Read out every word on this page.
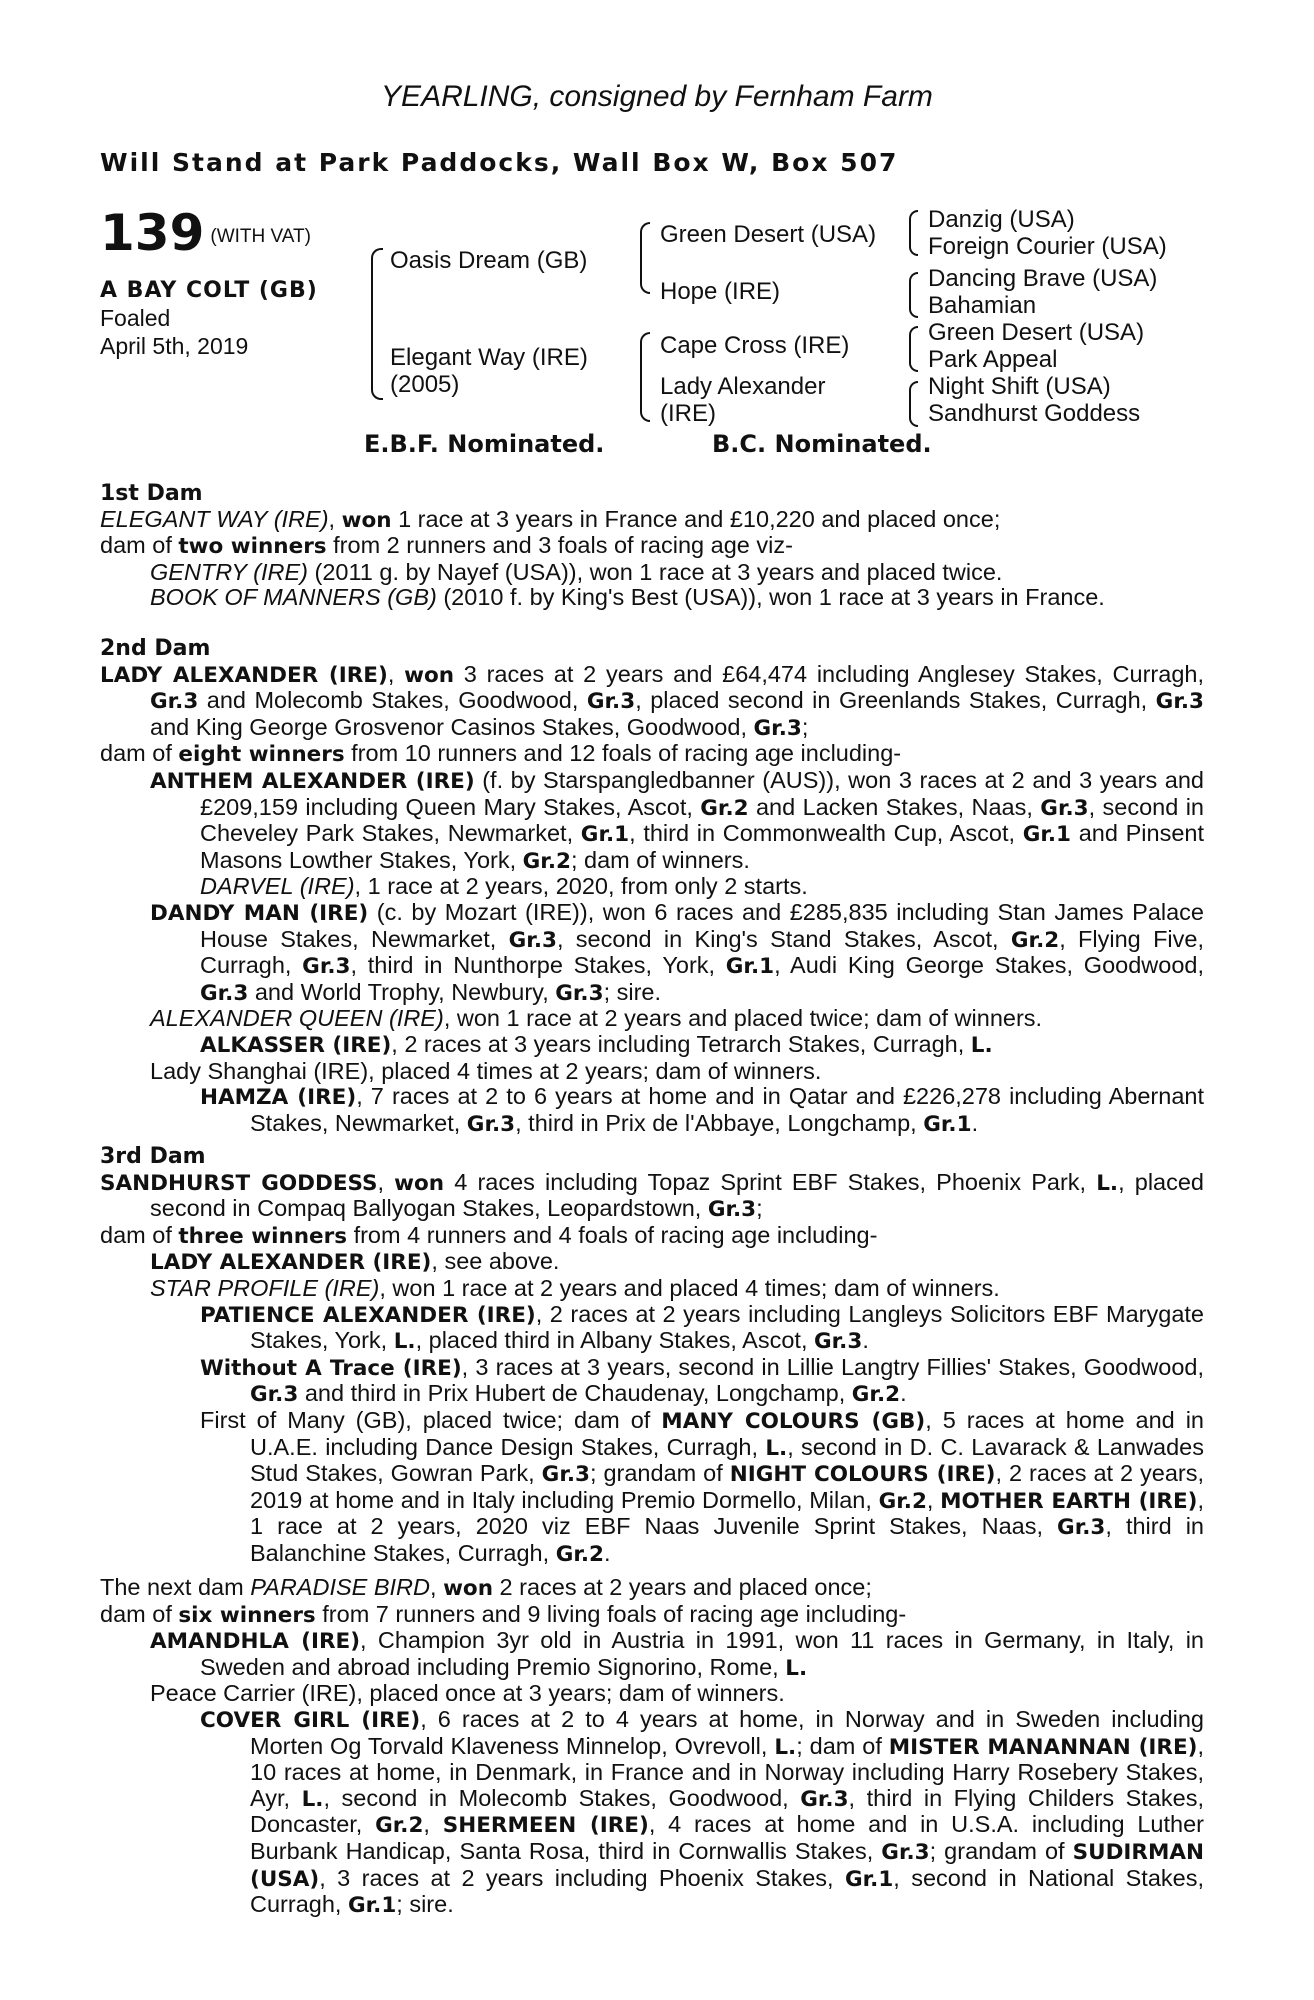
YEARLING, consigned by Fernham Farm
Will Stand at Park Paddocks, Wall Box W, Box 507
139 (WITH VAT)
A BAY COLT (GB)
Foaled
April 5th, 2019
Oasis Dream (GB)
Elegant Way (IRE)
(2005)
Green Desert (USA)
Hope (IRE)
Cape Cross (IRE)
Lady Alexander
(IRE)
Danzig (USA)
Foreign Courier (USA)
Dancing Brave (USA)
Bahamian
Green Desert (USA)
Park Appeal
Night Shift (USA)
Sandhurst Goddess
E.B.F. Nominated.	B.C. Nominated.

1st Dam

ELEGANT WAY (IRE), won 1 race at 3 years in France and £10,220 and placed once;

dam of two winners from 2 runners and 3 foals of racing age viz-

GENTRY (IRE) (2011 g. by Nayef (USA)), won 1 race at 3 years and placed twice.

BOOK OF MANNERS (GB) (2010 f. by King's Best (USA)), won 1 race at 3 years in France.

2nd Dam

LADY ALEXANDER (IRE), won 3 races at 2 years and £64,474 including Anglesey Stakes, Curragh, Gr.3 and Molecomb Stakes, Goodwood, Gr.3, placed second in Greenlands Stakes, Curragh, Gr.3 and King George Grosvenor Casinos Stakes, Goodwood, Gr.3;

dam of eight winners from 10 runners and 12 foals of racing age including-

ANTHEM ALEXANDER (IRE) (f. by Starspangledbanner (AUS)), won 3 races at 2 and 3 years and £209,159 including Queen Mary Stakes, Ascot, Gr.2 and Lacken Stakes, Naas, Gr.3, second in Cheveley Park Stakes, Newmarket, Gr.1, third in Commonwealth Cup, Ascot, Gr.1 and Pinsent Masons Lowther Stakes, York, Gr.2; dam of winners.

DARVEL (IRE), 1 race at 2 years, 2020, from only 2 starts.

DANDY MAN (IRE) (c. by Mozart (IRE)), won 6 races and £285,835 including Stan James Palace House Stakes, Newmarket, Gr.3, second in King's Stand Stakes, Ascot, Gr.2, Flying Five, Curragh, Gr.3, third in Nunthorpe Stakes, York, Gr.1, Audi King George Stakes, Goodwood, Gr.3 and World Trophy, Newbury, Gr.3; sire.

ALEXANDER QUEEN (IRE), won 1 race at 2 years and placed twice; dam of winners.

ALKASSER (IRE), 2 races at 3 years including Tetrarch Stakes, Curragh, L.

Lady Shanghai (IRE), placed 4 times at 2 years; dam of winners.

HAMZA (IRE), 7 races at 2 to 6 years at home and in Qatar and £226,278 including Abernant Stakes, Newmarket, Gr.3, third in Prix de l'Abbaye, Longchamp, Gr.1.

3rd Dam

SANDHURST GODDESS, won 4 races including Topaz Sprint EBF Stakes, Phoenix Park, L., placed second in Compaq Ballyogan Stakes, Leopardstown, Gr.3;

dam of three winners from 4 runners and 4 foals of racing age including-

LADY ALEXANDER (IRE), see above.

STAR PROFILE (IRE), won 1 race at 2 years and placed 4 times; dam of winners.

PATIENCE ALEXANDER (IRE), 2 races at 2 years including Langleys Solicitors EBF Marygate Stakes, York, L., placed third in Albany Stakes, Ascot, Gr.3.

Without A Trace (IRE), 3 races at 3 years, second in Lillie Langtry Fillies' Stakes, Goodwood, Gr.3 and third in Prix Hubert de Chaudenay, Longchamp, Gr.2.

First of Many (GB), placed twice; dam of MANY COLOURS (GB), 5 races at home and in U.A.E. including Dance Design Stakes, Curragh, L., second in D. C. Lavarack & Lanwades Stud Stakes, Gowran Park, Gr.3; grandam of NIGHT COLOURS (IRE), 2 races at 2 years, 2019 at home and in Italy including Premio Dormello, Milan, Gr.2, MOTHER EARTH (IRE), 1 race at 2 years, 2020 viz EBF Naas Juvenile Sprint Stakes, Naas, Gr.3, third in Balanchine Stakes, Curragh, Gr.2.

The next dam PARADISE BIRD, won 2 races at 2 years and placed once;

dam of six winners from 7 runners and 9 living foals of racing age including-

AMANDHLA (IRE), Champion 3yr old in Austria in 1991, won 11 races in Germany, in Italy, in Sweden and abroad including Premio Signorino, Rome, L.

Peace Carrier (IRE), placed once at 3 years; dam of winners.

COVER GIRL (IRE), 6 races at 2 to 4 years at home, in Norway and in Sweden including Morten Og Torvald Klaveness Minnelop, Ovrevoll, L.; dam of MISTER MANANNAN (IRE), 10 races at home, in Denmark, in France and in Norway including Harry Rosebery Stakes, Ayr, L., second in Molecomb Stakes, Goodwood, Gr.3, third in Flying Childers Stakes, Doncaster, Gr.2, SHERMEEN (IRE), 4 races at home and in U.S.A. including Luther Burbank Handicap, Santa Rosa, third in Cornwallis Stakes, Gr.3; grandam of SUDIRMAN (USA), 3 races at 2 years including Phoenix Stakes, Gr.1, second in National Stakes, Curragh, Gr.1; sire.
